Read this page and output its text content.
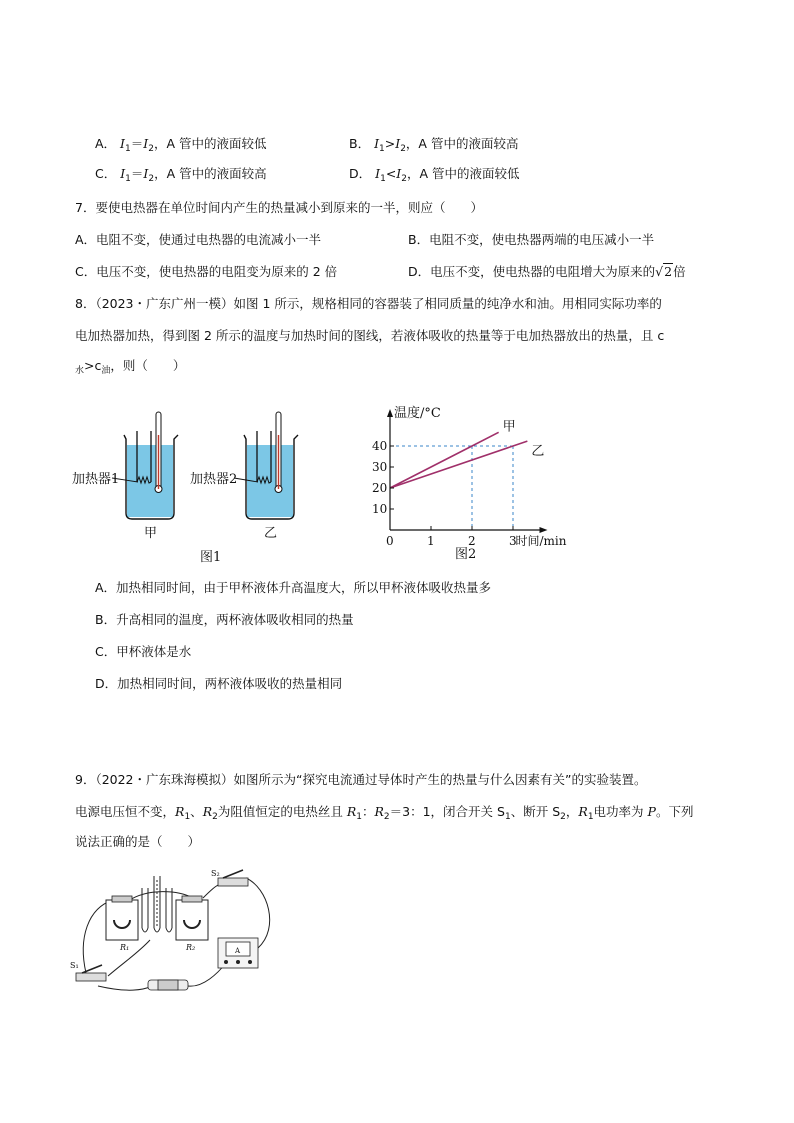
A． $I_1=I_2$，A 管中的液面较低	B． $I_1>I_2$，A 管中的液面较高
C． $I_1=I_2$，A 管中的液面较高	D． $I_1<I_2$，A 管中的液面较低
7．要使电热器在单位时间内产生的热量减小到原来的一半，则应（　　）
A．电阻不变，使通过电热器的电流减小一半	B．电阻不变，使电热器两端的电压减小一半
C．电压不变，使电热器的电阻变为原来的 2 倍	D．电压不变，使电热器的电阻增大为原来的√2倍
8．（2023・广东广州一模）如图 1 所示，规格相同的容器装了相同质量的纯净水和油。用相同实际功率的
电加热器加热，得到图 2 所示的温度与加热时间的图线，若液体吸收的热量等于电加热器放出的热量，且 c
$_水>c_油$，则（　　）
加热器1	加热器2
甲	乙
图1
0	1	2	3
10
20
30
40
温度/°C
时间/min
甲
乙
图2
A．加热相同时间，由于甲杯液体升高温度大，所以甲杯液体吸收热量多
B．升高相同的温度，两杯液体吸收相同的热量
C．甲杯液体是水
D．加热相同时间，两杯液体吸收的热量相同
9．（2022・广东珠海模拟）如图所示为“探究电流通过导体时产生的热量与什么因素有关”的实验装置。
电源电压恒不变，$R_1$、$R_2$为阻值恒定的电热丝且 $R_1$：$R_2=3$：1，闭合开关 $S_1$、断开 $S_2$，$R_1$电功率为 P。下列
说法正确的是（　　）
A
S₂
S₁
R₁	R₂
